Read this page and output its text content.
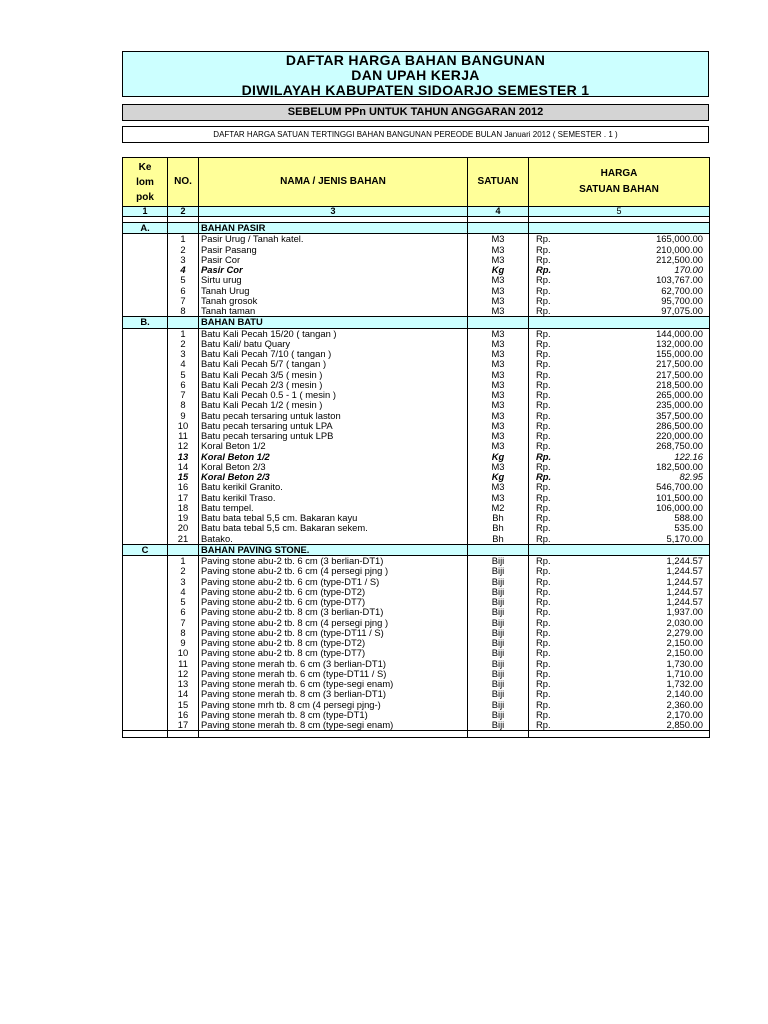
DAFTAR HARGA BAHAN BANGUNAN
DAN UPAH KERJA
DIWILAYAH KABUPATEN SIDOARJO SEMESTER 1
SEBELUM PPn UNTUK TAHUN ANGGARAN 2012
DAFTAR HARGA SATUAN TERTINGGI BAHAN BANGUNAN PEREODE BULAN Januari 2012 ( SEMESTER . 1 )
Ke
lom
pok	NO.	NAMA / JENIS BAHAN	SATUAN	HARGA
SATUAN BAHAN
1	2	3	4	5

A.		BAHAN PASIR		
	1	Pasir Urug / Tanah katel.	M3	Rp. 165,000.00

	2	Pasir Pasang	M3	Rp. 210,000.00

	3	Pasir Cor	M3	Rp. 212,500.00

	4	Pasir Cor	Kg	Rp. 170.00

	5	Sirtu urug	M3	Rp. 103,767.00

	6	Tanah Urug	M3	Rp. 62,700.00

	7	Tanah grosok	M3	Rp. 95,700.00

	8	Tanah taman	M3	Rp. 97,075.00

B.		BAHAN BATU		
	1	Batu Kali Pecah 15/20 ( tangan )	M3	Rp. 144,000.00

	2	Batu Kali/ batu Quary	M3	Rp. 132,000.00

	3	Batu Kali Pecah 7/10 ( tangan )	M3	Rp. 155,000.00

	4	Batu Kali Pecah 5/7 ( tangan )	M3	Rp. 217,500.00

	5	Batu Kali Pecah 3/5 ( mesin )	M3	Rp. 217,500.00

	6	Batu Kali Pecah 2/3 ( mesin )	M3	Rp. 218,500.00

	7	Batu Kali Pecah 0.5 - 1 ( mesin )	M3	Rp. 265,000.00

	8	Batu Kali Pecah 1/2 ( mesin )	M3	Rp. 235,000.00

	9	Batu pecah tersaring untuk laston	M3	Rp. 357,500.00

	10	Batu pecah tersaring untuk LPA	M3	Rp. 286,500.00

	11	Batu pecah tersaring untuk LPB	M3	Rp. 220,000.00

	12	Koral Beton 1/2	M3	Rp. 268,750.00

	13	Koral Beton 1/2	Kg	Rp. 122.16

	14	Koral Beton 2/3	M3	Rp. 182,500.00

	15	Koral Beton 2/3	Kg	Rp. 82.95

	16	Batu kerikil Granito.	M3	Rp. 546,700.00

	17	Batu kerikil Traso.	M3	Rp. 101,500.00

	18	Batu tempel.	M2	Rp. 106,000.00

	19	Batu bata tebal 5,5 cm. Bakaran kayu	Bh	Rp. 588.00

	20	Batu bata tebal 5,5 cm. Bakaran sekem.	Bh	Rp. 535.00

	21	Batako.	Bh	Rp. 5,170.00

C		BAHAN PAVING STONE.		
	1	Paving stone abu-2 tb. 6 cm (3 berlian-DT1)	Biji	Rp. 1,244.57

	2	Paving stone abu-2 tb. 6 cm (4 persegi pjng )	Biji	Rp. 1,244.57

	3	Paving stone abu-2 tb. 6 cm (type-DT1 / S)	Biji	Rp. 1,244.57

	4	Paving stone abu-2 tb. 6 cm (type-DT2)	Biji	Rp. 1,244.57

	5	Paving stone abu-2 tb. 6 cm (type-DT7)	Biji	Rp. 1,244.57

	6	Paving stone abu-2 tb. 8 cm (3 berlian-DT1)	Biji	Rp. 1,937.00

	7	Paving stone abu-2 tb. 8 cm (4 persegi pjng )	Biji	Rp. 2,030.00

	8	Paving stone abu-2 tb. 8 cm (type-DT11 / S)	Biji	Rp. 2,279.00

	9	Paving stone abu-2 tb. 8 cm (type-DT2)	Biji	Rp. 2,150.00

	10	Paving stone abu-2 tb. 8 cm (type-DT7)	Biji	Rp. 2,150.00

	11	Paving stone merah tb. 6 cm (3 berlian-DT1)	Biji	Rp. 1,730.00

	12	Paving stone merah tb. 6 cm (type-DT11 / S)	Biji	Rp. 1,710.00

	13	Paving stone merah tb. 6 cm (type-segi enam)	Biji	Rp. 1,732.00

	14	Paving stone merah tb. 8 cm (3 berlian-DT1)	Biji	Rp. 2,140.00

	15	Paving stone mrh tb. 8 cm (4 persegi pjng-)	Biji	Rp. 2,360.00

	16	Paving stone merah tb. 8 cm (type-DT1)	Biji	Rp. 2,170.00

	17	Paving stone merah tb. 8 cm (type-segi enam)	Biji	Rp. 2,850.00
